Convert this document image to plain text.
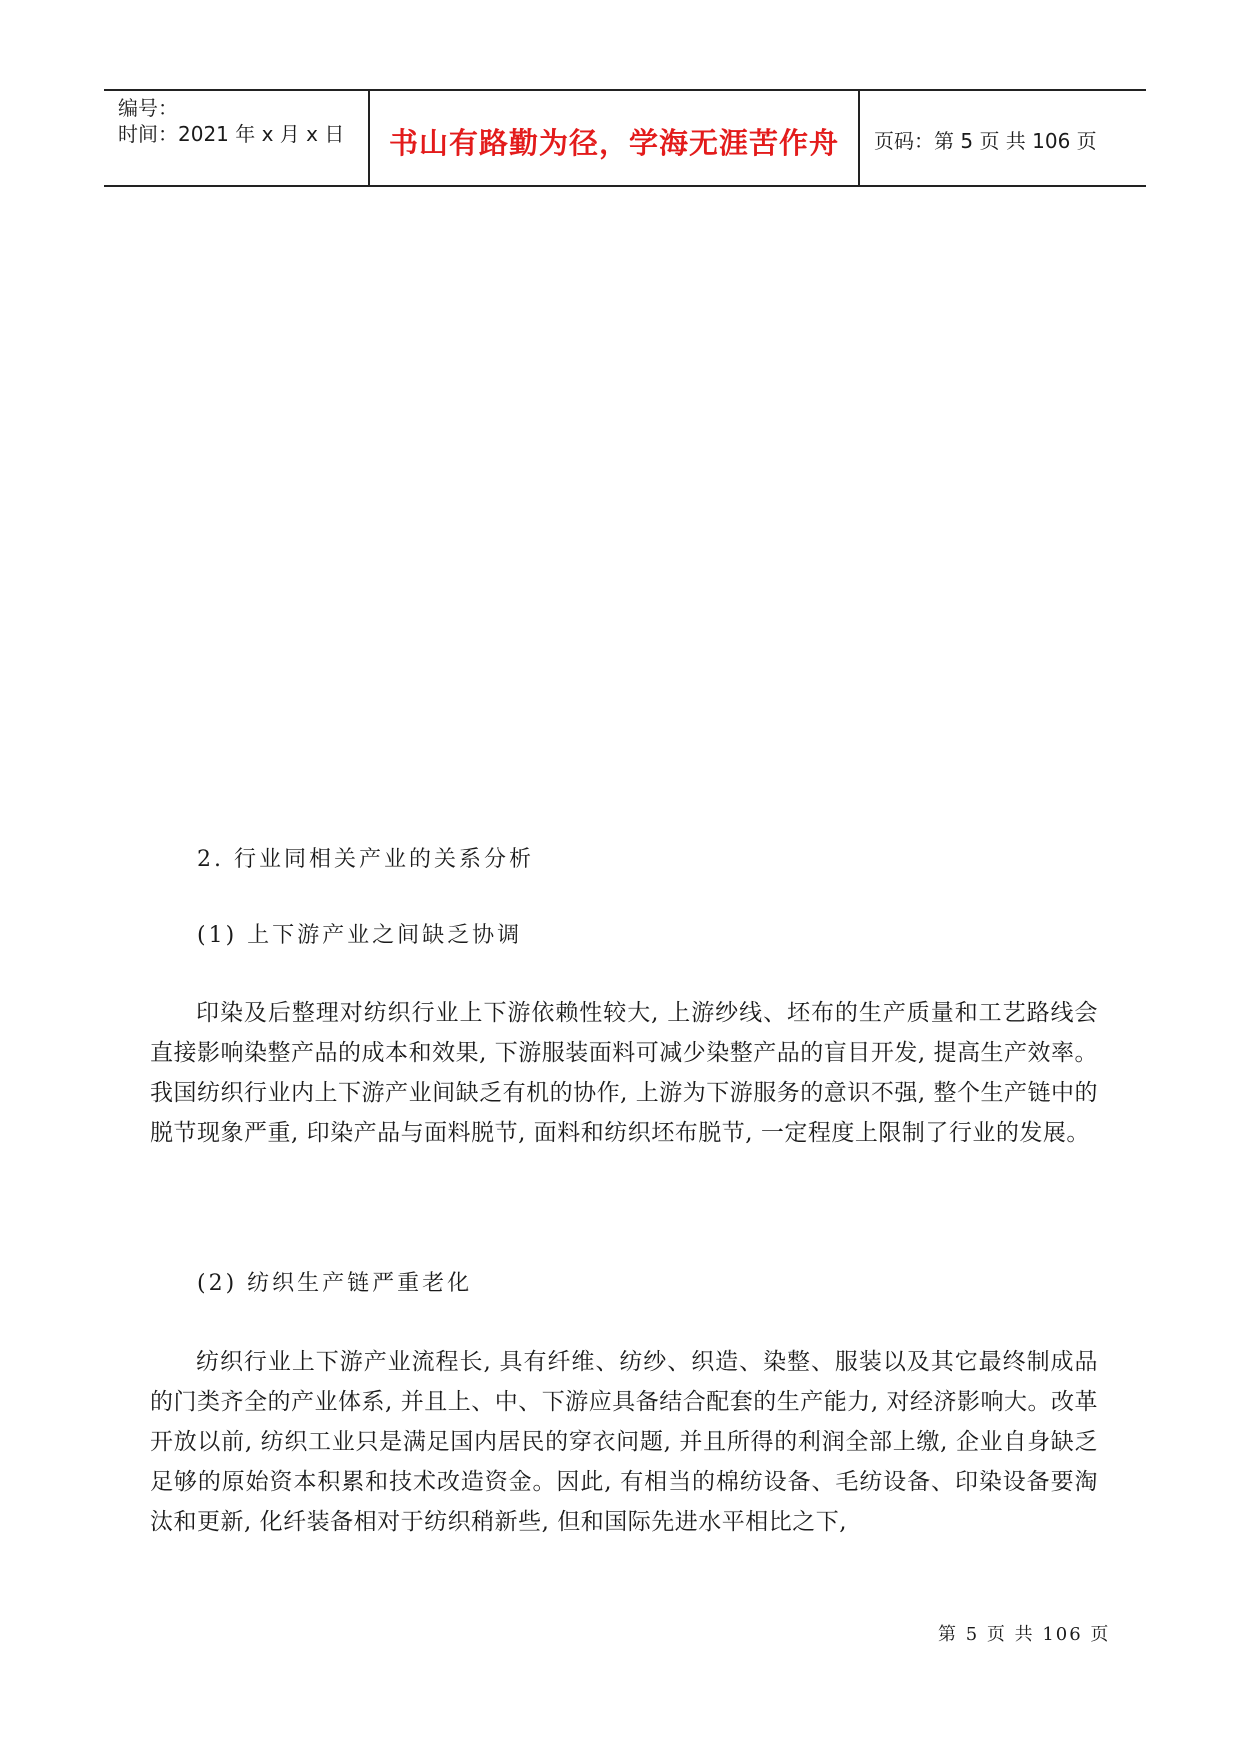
编号：
时间：2021 年 x 月 x 日	书山有路勤为径，学海无涯苦作舟	页码：第 5 页 共 106 页
2. 行业同相关产业的关系分析
(1) 上下游产业之间缺乏协调
印染及后整理对纺织行业上下游依赖性较大, 上游纱线、坯布的生产质量和工艺路线会直接影响染整产品的成本和效果, 下游服装面料可减少染整产品的盲目开发, 提高生产效率。我国纺织行业内上下游产业间缺乏有机的协作, 上游为下游服务的意识不强, 整个生产链中的脱节现象严重, 印染产品与面料脱节, 面料和纺织坯布脱节, 一定程度上限制了行业的发展。
(2) 纺织生产链严重老化
纺织行业上下游产业流程长, 具有纤维、纺纱、织造、染整、服装以及其它最终制成品的门类齐全的产业体系, 并且上、中、下游应具备结合配套的生产能力, 对经济影响大。改革开放以前, 纺织工业只是满足国内居民的穿衣问题, 并且所得的利润全部上缴, 企业自身缺乏足够的原始资本积累和技术改造资金。因此, 有相当的棉纺设备、毛纺设备、印染设备要淘汰和更新, 化纤装备相对于纺织稍新些, 但和国际先进水平相比之下,
第 5 页 共 106 页
